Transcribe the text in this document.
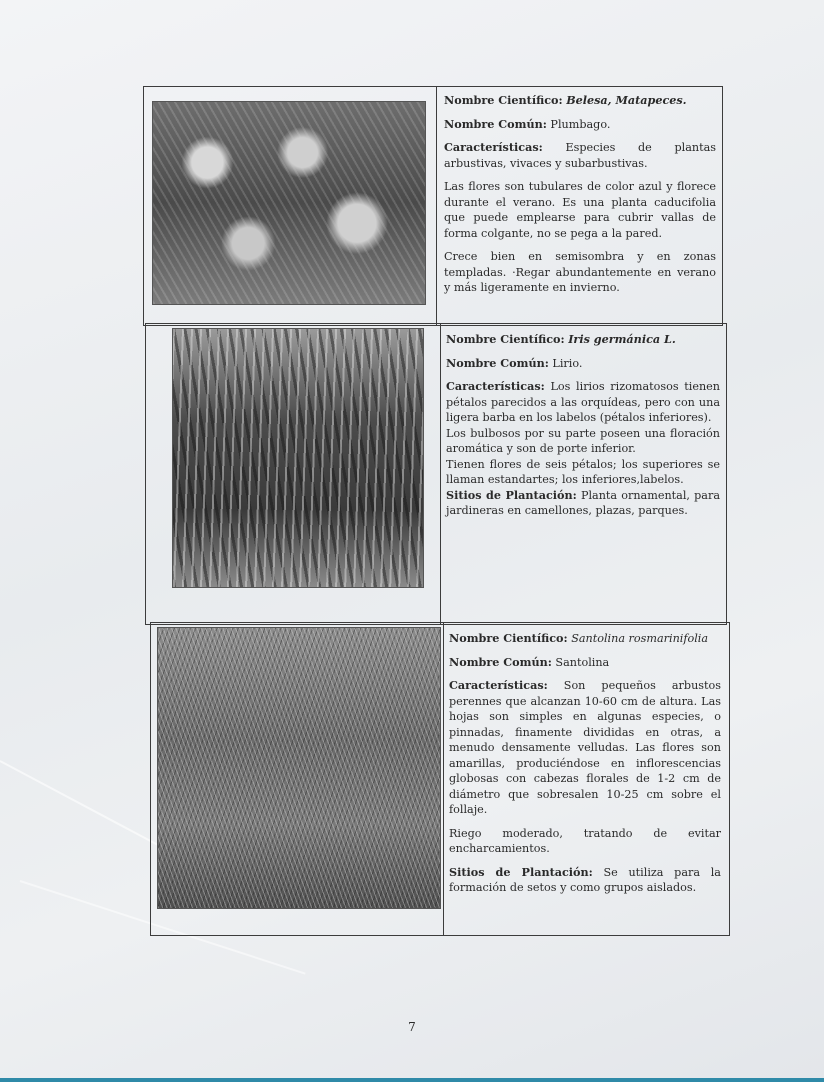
Nombre Científico: Belesa, Matapeces.

Nombre Común: Plumbago.

Características: Especies de plantas arbustivas, vivaces y subarbustivas.

Las flores son tubulares de color azul y florece durante el verano. Es una planta caducifolia que puede emplearse para cubrir vallas de forma colgante, no se pega a la pared.

Crece bien en semisombra y en zonas templadas. ·Regar abundantemente en verano y más ligeramente en invierno.

Nombre Científico: Iris germánica L.

Nombre Común: Lirio.

Características: Los lirios rizomatosos tienen pétalos parecidos a las orquídeas, pero con una ligera barba en los labelos (pétalos inferiores).

Los bulbosos por su parte poseen una floración aromática y son de porte inferior.

Tienen flores de seis pétalos; los superiores se llaman estandartes; los inferiores,labelos.

Sitios de Plantación: Planta ornamental, para jardineras en camellones, plazas, parques.

Nombre Científico: Santolina rosmarinifolia

Nombre Común: Santolina

Características: Son pequeños arbustos perennes que alcanzan 10-60 cm de altura. Las hojas son simples en algunas especies, o pinnadas, finamente divididas en otras, a menudo densamente velludas. Las flores son amarillas, produciéndose en inflorescencias globosas con cabezas florales de 1-2 cm de diámetro que sobresalen 10-25 cm sobre el follaje.

Riego moderado, tratando de evitar encharcamientos.

Sitios de Plantación: Se utiliza para la formación de setos y como grupos aislados.

7
